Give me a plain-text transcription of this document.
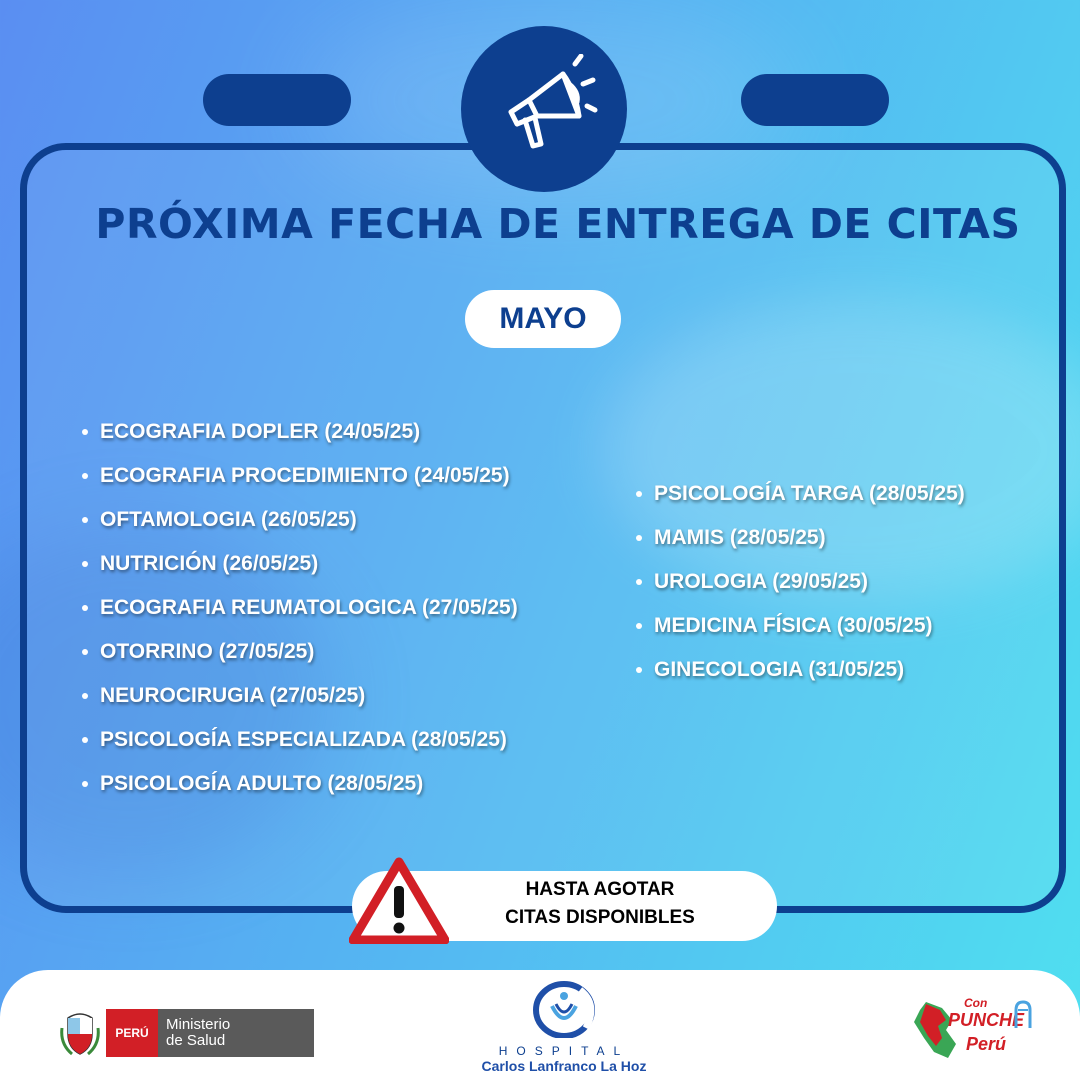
PRÓXIMA FECHA DE ENTREGA DE CITAS
MAYO
ECOGRAFIA DOPLER (24/05/25)
ECOGRAFIA PROCEDIMIENTO (24/05/25)
OFTAMOLOGIA (26/05/25)
NUTRICIÓN (26/05/25)
ECOGRAFIA REUMATOLOGICA (27/05/25)
OTORRINO (27/05/25)
NEUROCIRUGIA (27/05/25)
PSICOLOGÍA ESPECIALIZADA (28/05/25)
PSICOLOGÍA ADULTO (28/05/25)
PSICOLOGÍA TARGA (28/05/25)
MAMIS (28/05/25)
UROLOGIA (29/05/25)
MEDICINA FÍSICA (30/05/25)
GINECOLOGIA (31/05/25)
HASTA AGOTAR
CITAS DISPONIBLES
PERÚ	Ministerio
de Salud
HOSPITAL
Carlos Lanfranco La Hoz
Con
PUNCHE
Perú
